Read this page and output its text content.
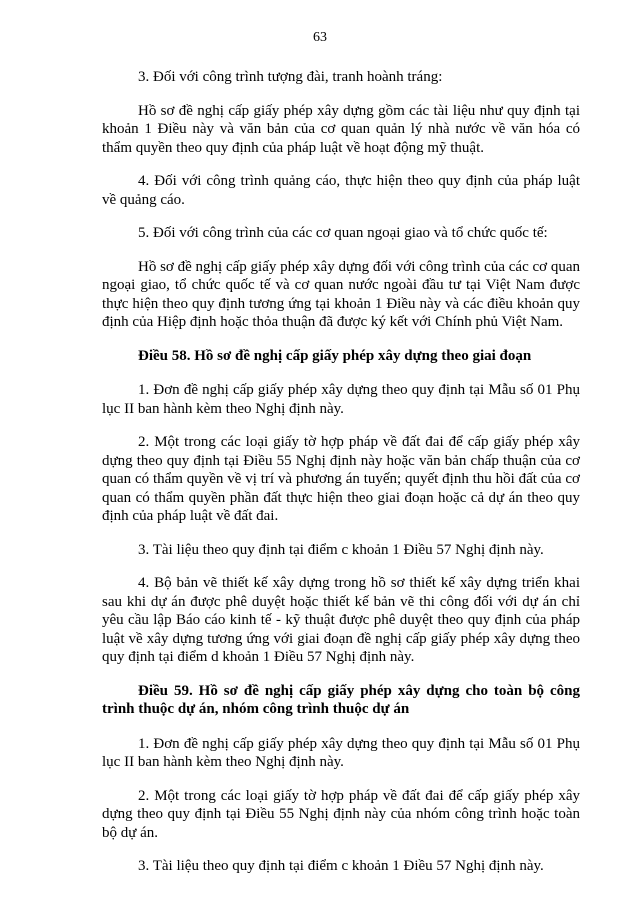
63

3. Đối với công trình tượng đài, tranh hoành tráng:

Hồ sơ đề nghị cấp giấy phép xây dựng gồm các tài liệu như quy định tại khoản 1 Điều này và văn bản của cơ quan quản lý nhà nước về văn hóa có thẩm quyền theo quy định của pháp luật về hoạt động mỹ thuật.

4. Đối với công trình quảng cáo, thực hiện theo quy định của pháp luật về quảng cáo.

5. Đối với công trình của các cơ quan ngoại giao và tổ chức quốc tế:

Hồ sơ đề nghị cấp giấy phép xây dựng đối với công trình của các cơ quan ngoại giao, tổ chức quốc tế và cơ quan nước ngoài đầu tư tại Việt Nam được thực hiện theo quy định tương ứng tại khoản 1 Điều này và các điều khoản quy định của Hiệp định hoặc thỏa thuận đã được ký kết với Chính phủ Việt Nam.

Điều 58. Hồ sơ đề nghị cấp giấy phép xây dựng theo giai đoạn

1. Đơn đề nghị cấp giấy phép xây dựng theo quy định tại Mẫu số 01 Phụ lục II ban hành kèm theo Nghị định này.

2. Một trong các loại giấy tờ hợp pháp về đất đai để cấp giấy phép xây dựng theo quy định tại Điều 55 Nghị định này hoặc văn bản chấp thuận của cơ quan có thẩm quyền về vị trí và phương án tuyến; quyết định thu hồi đất của cơ quan có thẩm quyền phần đất thực hiện theo giai đoạn hoặc cả dự án theo quy định của pháp luật về đất đai.

3. Tài liệu theo quy định tại điểm c khoản 1 Điều 57 Nghị định này.

4. Bộ bản vẽ thiết kế xây dựng trong hồ sơ thiết kế xây dựng triển khai sau khi dự án được phê duyệt hoặc thiết kế bản vẽ thi công đối với dự án chỉ yêu cầu lập Báo cáo kinh tế - kỹ thuật được phê duyệt theo quy định của pháp luật về xây dựng tương ứng với giai đoạn đề nghị cấp giấy phép xây dựng theo quy định tại điểm d khoản 1 Điều 57 Nghị định này.

Điều 59. Hồ sơ đề nghị cấp giấy phép xây dựng cho toàn bộ công trình thuộc dự án, nhóm công trình thuộc dự án

1. Đơn đề nghị cấp giấy phép xây dựng theo quy định tại Mẫu số 01 Phụ lục II ban hành kèm theo Nghị định này.

2. Một trong các loại giấy tờ hợp pháp về đất đai để cấp giấy phép xây dựng theo quy định tại Điều 55 Nghị định này của nhóm công trình hoặc toàn bộ dự án.

3. Tài liệu theo quy định tại điểm c khoản 1 Điều 57 Nghị định này.
